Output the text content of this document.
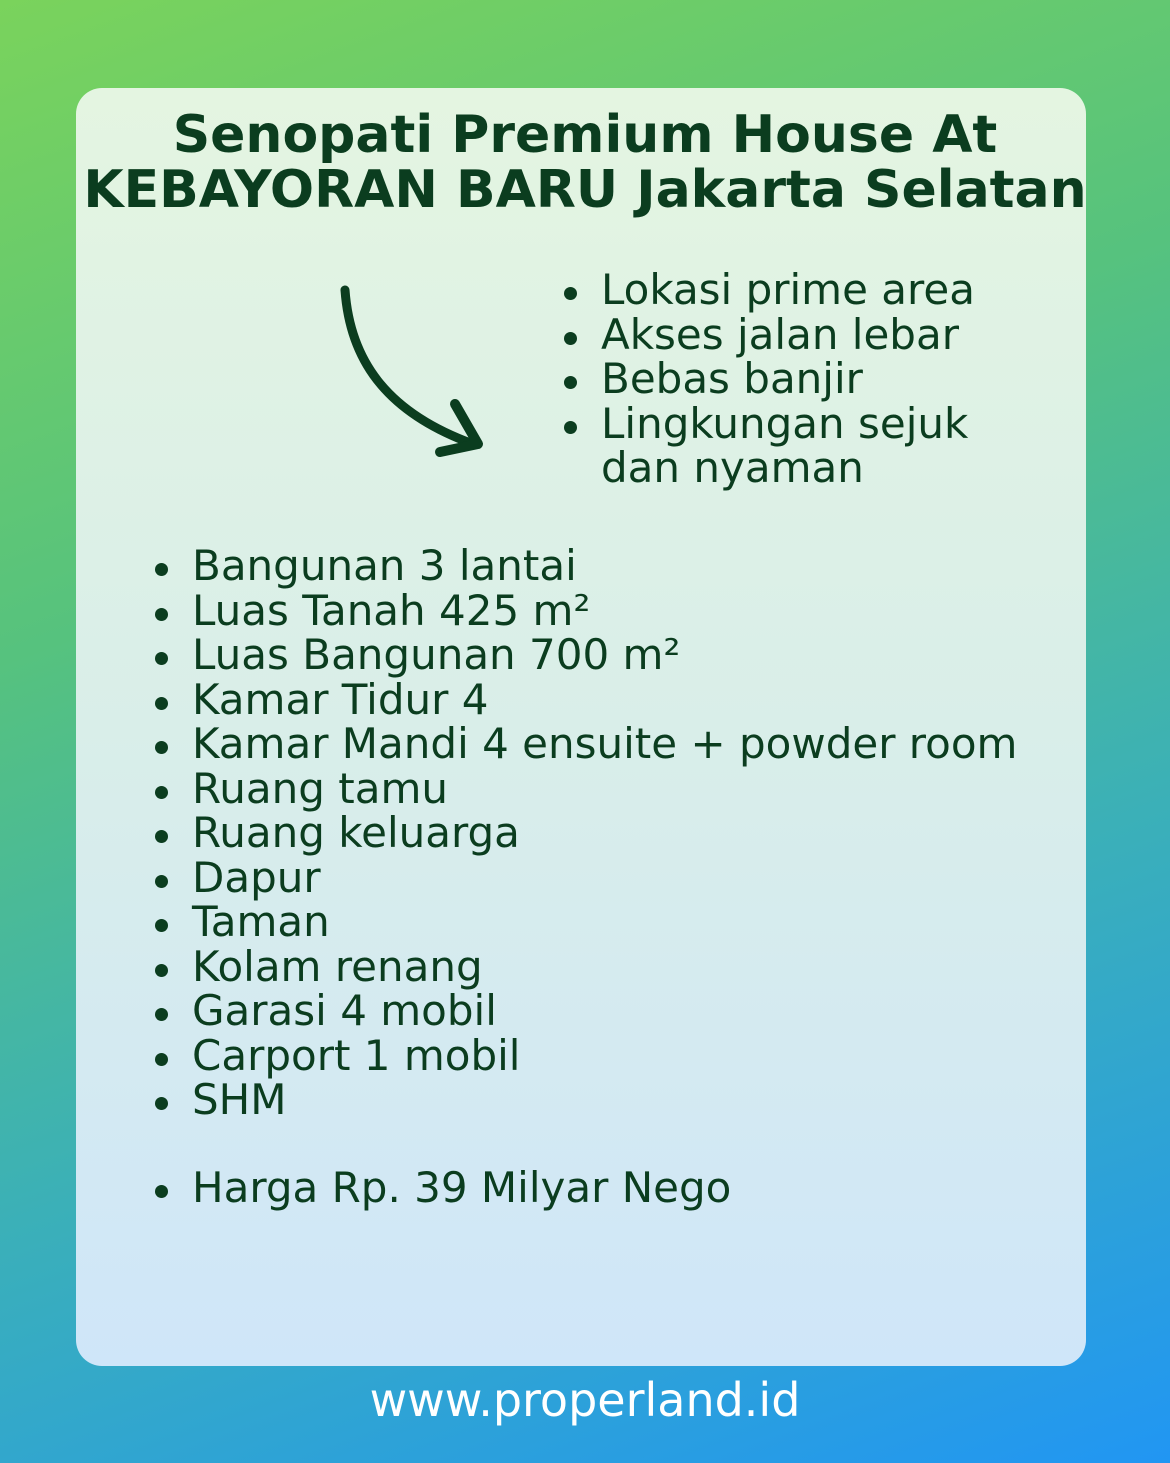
Senopati Premium House At
KEBAYORAN BARU Jakarta Selatan
Lokasi prime area
Akses jalan lebar
Bebas banjir
Lingkungan sejuk dan nyaman
Bangunan 3 lantai
Luas Tanah 425 m²
Luas Bangunan 700 m²
Kamar Tidur 4
Kamar Mandi 4 ensuite + powder room
Ruang tamu
Ruang keluarga
Dapur
Taman
Kolam renang
Garasi 4 mobil
Carport 1 mobil
SHM
Harga Rp. 39 Milyar Nego
www.properland.id
